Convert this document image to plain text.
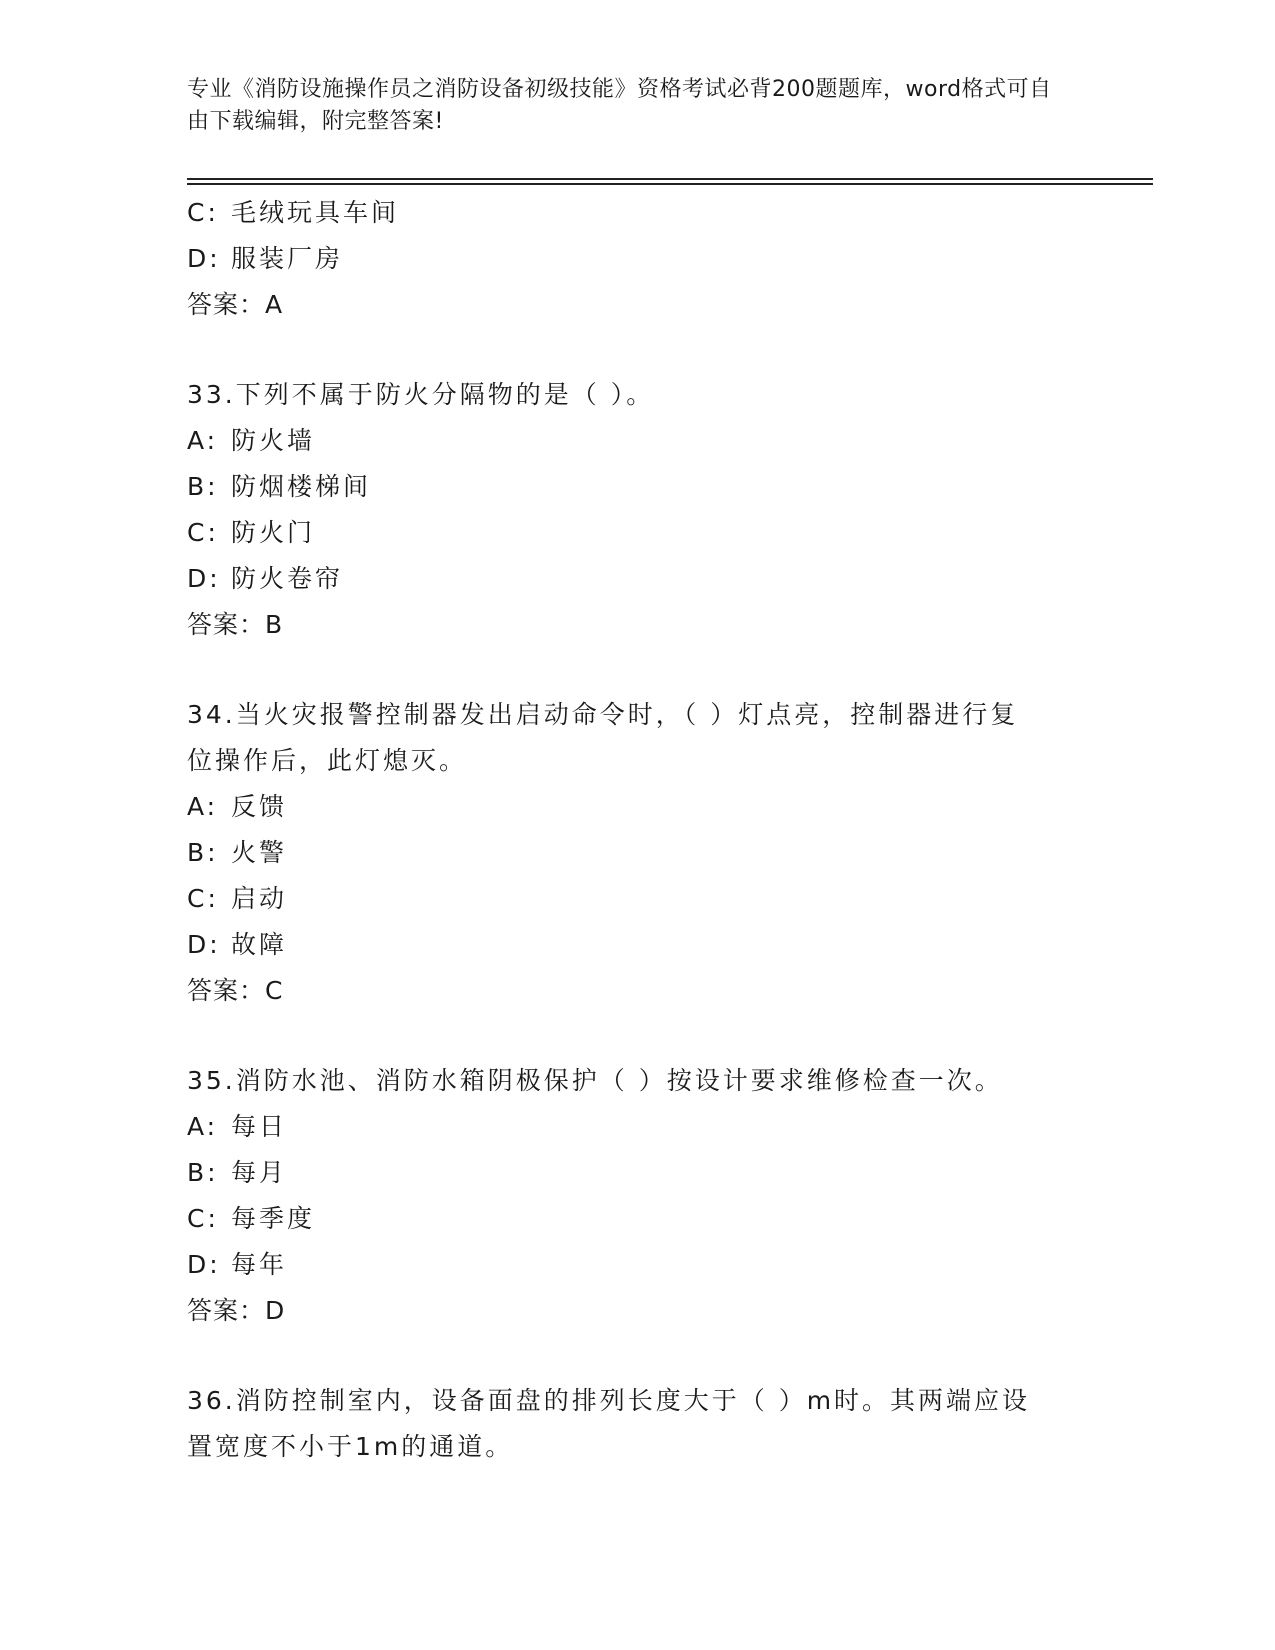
专业《消防设施操作员之消防设备初级技能》资格考试必背200题题库，word格式可自由下载编辑，附完整答案!
C: 毛绒玩具车间
D: 服装厂房
答案：A
33.下列不属于防火分隔物的是（ ）。
A: 防火墙
B: 防烟楼梯间
C: 防火门
D: 防火卷帘
答案：B
34.当火灾报警控制器发出启动命令时，（ ）灯点亮，控制器进行复
位操作后，此灯熄灭。
A: 反馈
B: 火警
C: 启动
D: 故障
答案：C
35.消防水池、消防水箱阴极保护（ ）按设计要求维修检查一次。
A: 每日
B: 每月
C: 每季度
D: 每年
答案：D
36.消防控制室内，设备面盘的排列长度大于（ ）m时。其两端应设
置宽度不小于1m的通道。
